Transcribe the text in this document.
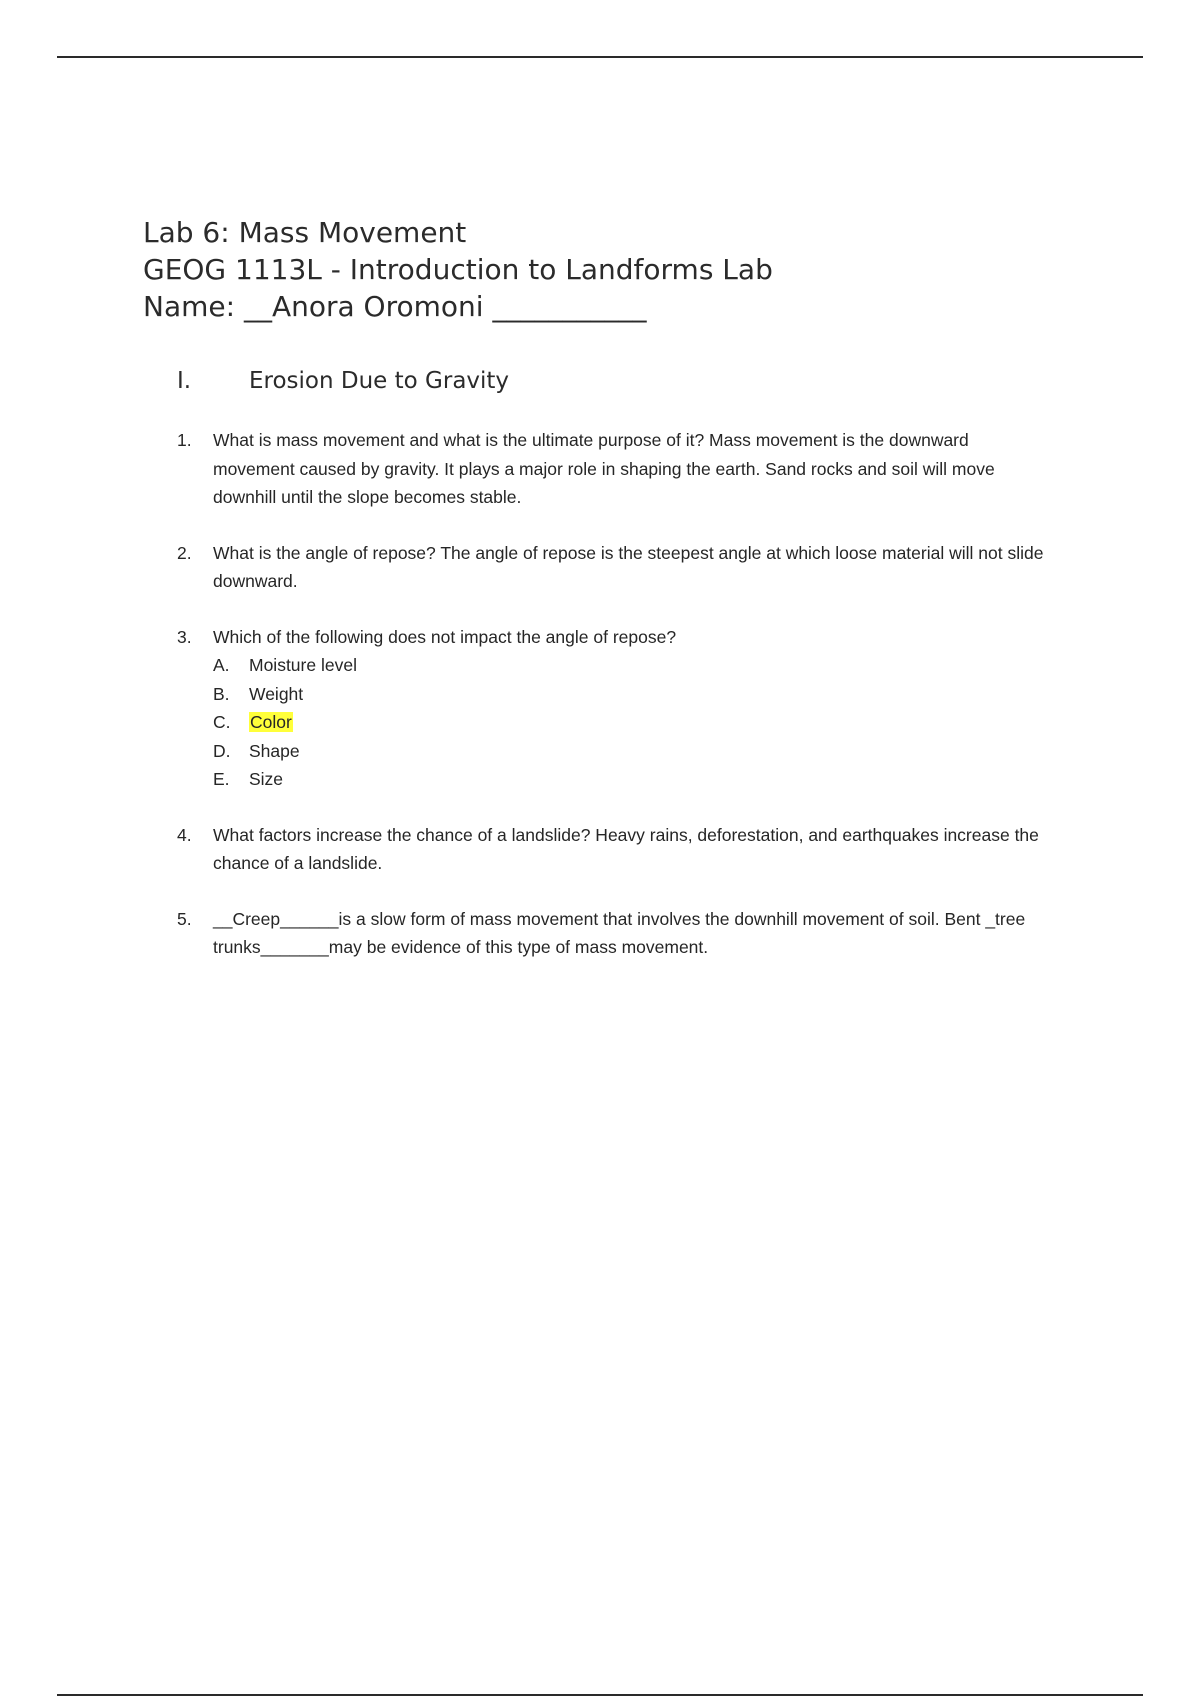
Lab 6: Mass Movement
GEOG 1113L - Introduction to Landforms Lab
Name: __Anora Oromoni ___________
I.	Erosion Due to Gravity
1. What is mass movement and what is the ultimate purpose of it? Mass movement is the downward movement caused by gravity. It plays a major role in shaping the earth. Sand rocks and soil will move downhill until the slope becomes stable.
2. What is the angle of repose? The angle of repose is the steepest angle at which loose material will not slide downward.
3. Which of the following does not impact the angle of repose?
A. Moisture level
B. Weight
C. Color
D. Shape
E. Size
4. What factors increase the chance of a landslide? Heavy rains, deforestation, and earthquakes increase the chance of a landslide.
5. __Creep______is a slow form of mass movement that involves the downhill movement of soil. Bent _tree trunks_______may be evidence of this type of mass movement.
